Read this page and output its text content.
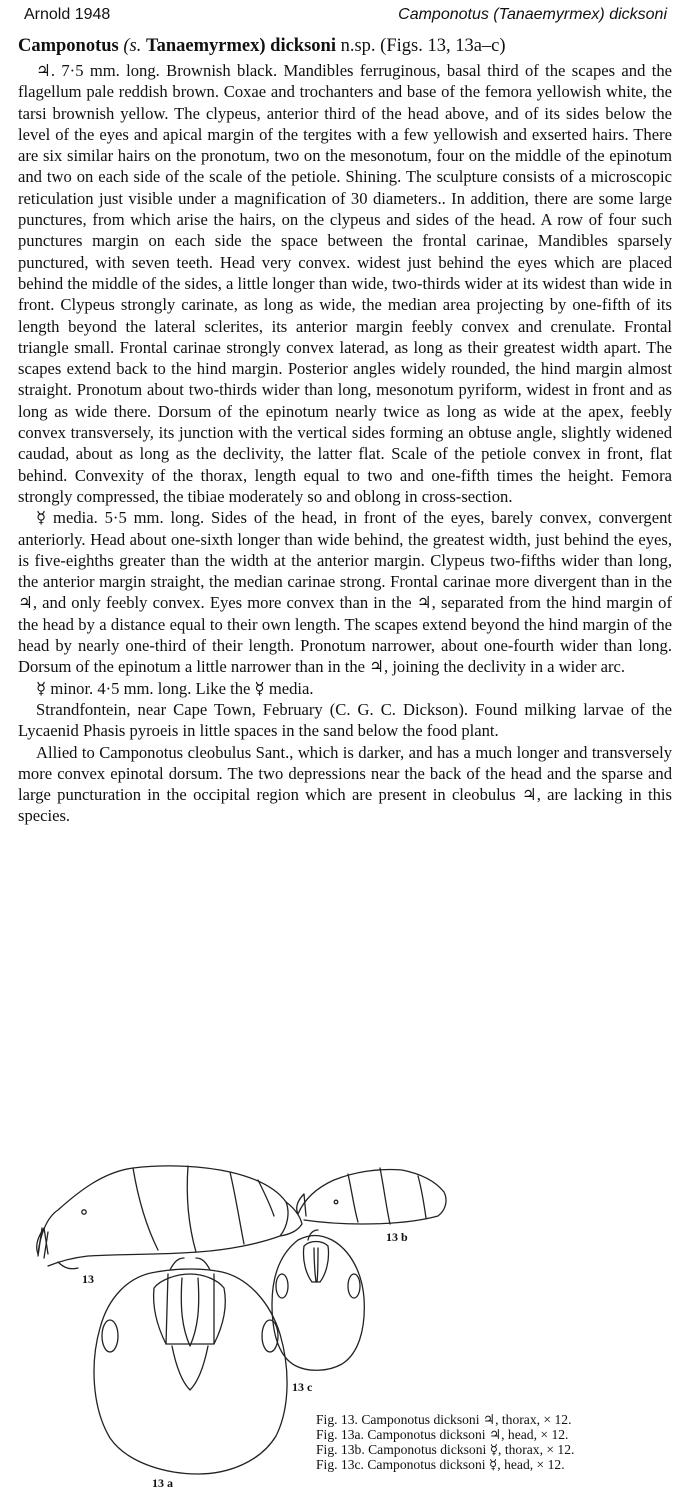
Arnold 1948	Camponotus (Tanaemyrmex) dicksoni
Camponotus (s. Tanaemyrmex) dicksoni n.sp. (Figs. 13, 13a–c)

♃. 7·5 mm. long. Brownish black. Mandibles ferruginous, basal third of the scapes and the flagellum pale reddish brown. Coxae and trochanters and base of the femora yellowish white, the tarsi brownish yellow. The clypeus, anterior third of the head above, and of its sides below the level of the eyes and apical margin of the tergites with a few yellowish and exserted hairs. There are six similar hairs on the pronotum, two on the mesonotum, four on the middle of the epinotum and two on each side of the scale of the petiole. Shining. The sculpture consists of a microscopic reticulation just visible under a magnification of 30 diameters.. In addition, there are some large punctures, from which arise the hairs, on the clypeus and sides of the head. A row of four such punctures margin on each side the space between the frontal carinae, Mandibles sparsely punctured, with seven teeth. Head very convex. widest just behind the eyes which are placed behind the middle of the sides, a little longer than wide, two-thirds wider at its widest than wide in front. Clypeus strongly carinate, as long as wide, the median area projecting by one-fifth of its length beyond the lateral sclerites, its anterior margin feebly convex and crenulate. Frontal triangle small. Frontal carinae strongly convex laterad, as long as their greatest width apart. The scapes extend back to the hind margin. Posterior angles widely rounded, the hind margin almost straight. Pronotum about two-thirds wider than long, mesonotum pyriform, widest in front and as long as wide there. Dorsum of the epinotum nearly twice as long as wide at the apex, feebly convex transversely, its junction with the vertical sides forming an obtuse angle, slightly widened caudad, about as long as the declivity, the latter flat. Scale of the petiole convex in front, flat behind. Convexity of the thorax, length equal to two and one-fifth times the height. Femora strongly compressed, the tibiae moderately so and oblong in cross-section.

☿ media. 5·5 mm. long. Sides of the head, in front of the eyes, barely convex, convergent anteriorly. Head about one-sixth longer than wide behind, the greatest width, just behind the eyes, is five-eighths greater than the width at the anterior margin. Clypeus two-fifths wider than long, the anterior margin straight, the median carinae strong. Frontal carinae more divergent than in the ♃, and only feebly convex. Eyes more convex than in the ♃, separated from the hind margin of the head by a distance equal to their own length. The scapes extend beyond the hind margin of the head by nearly one-third of their length. Pronotum narrower, about one-fourth wider than long. Dorsum of the epinotum a little narrower than in the ♃, joining the declivity in a wider arc.

☿ minor. 4·5 mm. long. Like the ☿ media.

Strandfontein, near Cape Town, February (C. G. C. Dickson). Found milking larvae of the Lycaenid Phasis pyroeis in little spaces in the sand below the food plant.

Allied to Camponotus cleobulus Sant., which is darker, and has a much longer and transversely more convex epinotal dorsum. The two depressions near the back of the head and the sparse and large puncturation in the occipital region which are present in cleobulus ♃, are lacking in this species.

13
13 a
13 b
13 c
Fig. 13. Camponotus dicksoni ♃, thorax, × 12.
Fig. 13a. Camponotus dicksoni ♃, head, × 12.
Fig. 13b. Camponotus dicksoni ☿, thorax, × 12.
Fig. 13c. Camponotus dicksoni ☿, head, × 12.
